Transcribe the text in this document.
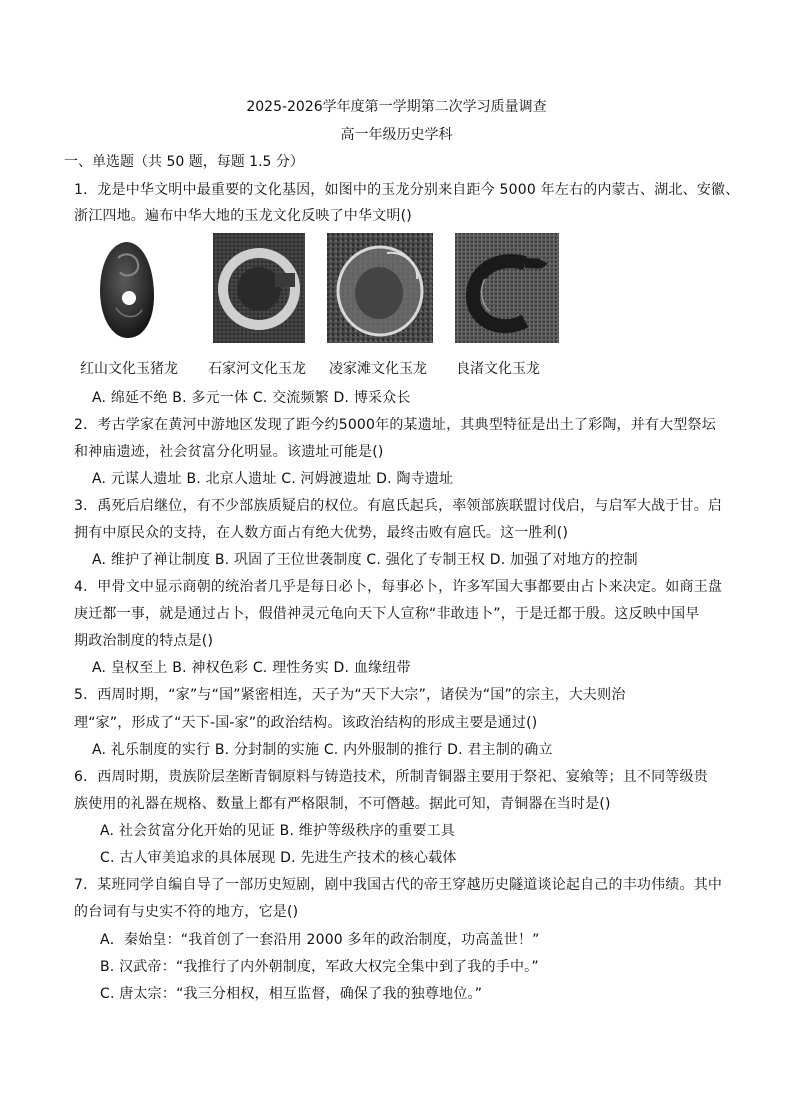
2025-2026学年度第一学期第二次学习质量调查
高一年级历史学科
一、单选题（共 50 题，每题 1.5 分）
1．龙是中华文明中最重要的文化基因，如图中的玉龙分别来自距今 5000 年左右的内蒙古、湖北、安徽、
浙江四地。遍布中华大地的玉龙文化反映了中华文明()
红山文化玉猪龙 石家河文化玉龙 凌家滩文化玉龙 良渚文化玉龙
A. 绵延不绝 B. 多元一体 C. 交流频繁 D. 博采众长
2．考古学家在黄河中游地区发现了距今约5000年的某遗址，其典型特征是出土了彩陶，并有大型祭坛
和神庙遗迹，社会贫富分化明显。该遗址可能是()
A. 元谋人遗址 B. 北京人遗址 C. 河姆渡遗址 D. 陶寺遗址
3．禹死后启继位，有不少部族质疑启的权位。有扈氏起兵，率领部族联盟讨伐启，与启军大战于甘。启
拥有中原民众的支持，在人数方面占有绝大优势，最终击败有扈氏。这一胜利()
A. 维护了禅让制度 B. 巩固了王位世袭制度 C. 强化了专制王权 D. 加强了对地方的控制
4．甲骨文中显示商朝的统治者几乎是每日必卜，每事必卜，许多军国大事都要由占卜来决定。如商王盘
庚迁都一事，就是通过占卜，假借神灵元龟向天下人宣称“非敢违卜”，于是迁都于殷。这反映中国早
期政治制度的特点是()
A. 皇权至上 B. 神权色彩 C. 理性务实 D. 血缘纽带
5．西周时期，“家”与“国”紧密相连，天子为“天下大宗”，诸侯为“国”的宗主，大夫则治
理“家”，形成了“天下-国-家”的政治结构。该政治结构的形成主要是通过()
A. 礼乐制度的实行 B. 分封制的实施 C. 内外服制的推行 D. 君主制的确立
6．西周时期，贵族阶层垄断青铜原料与铸造技术，所制青铜器主要用于祭祀、宴飨等；且不同等级贵
族使用的礼器在规格、数量上都有严格限制，不可僭越。据此可知，青铜器在当时是()
A. 社会贫富分化开始的见证 B. 维护等级秩序的重要工具
C. 古人审美追求的具体展现 D. 先进生产技术的核心载体
7．某班同学自编自导了一部历史短剧，剧中我国古代的帝王穿越历史隧道谈论起自己的丰功伟绩。其中
的台词有与史实不符的地方，它是()
A．秦始皇：“我首创了一套沿用 2000 多年的政治制度，功高盖世！”
B. 汉武帝：“我推行了内外朝制度，军政大权完全集中到了我的手中。”
C. 唐太宗：“我三分相权，相互监督，确保了我的独尊地位。”
